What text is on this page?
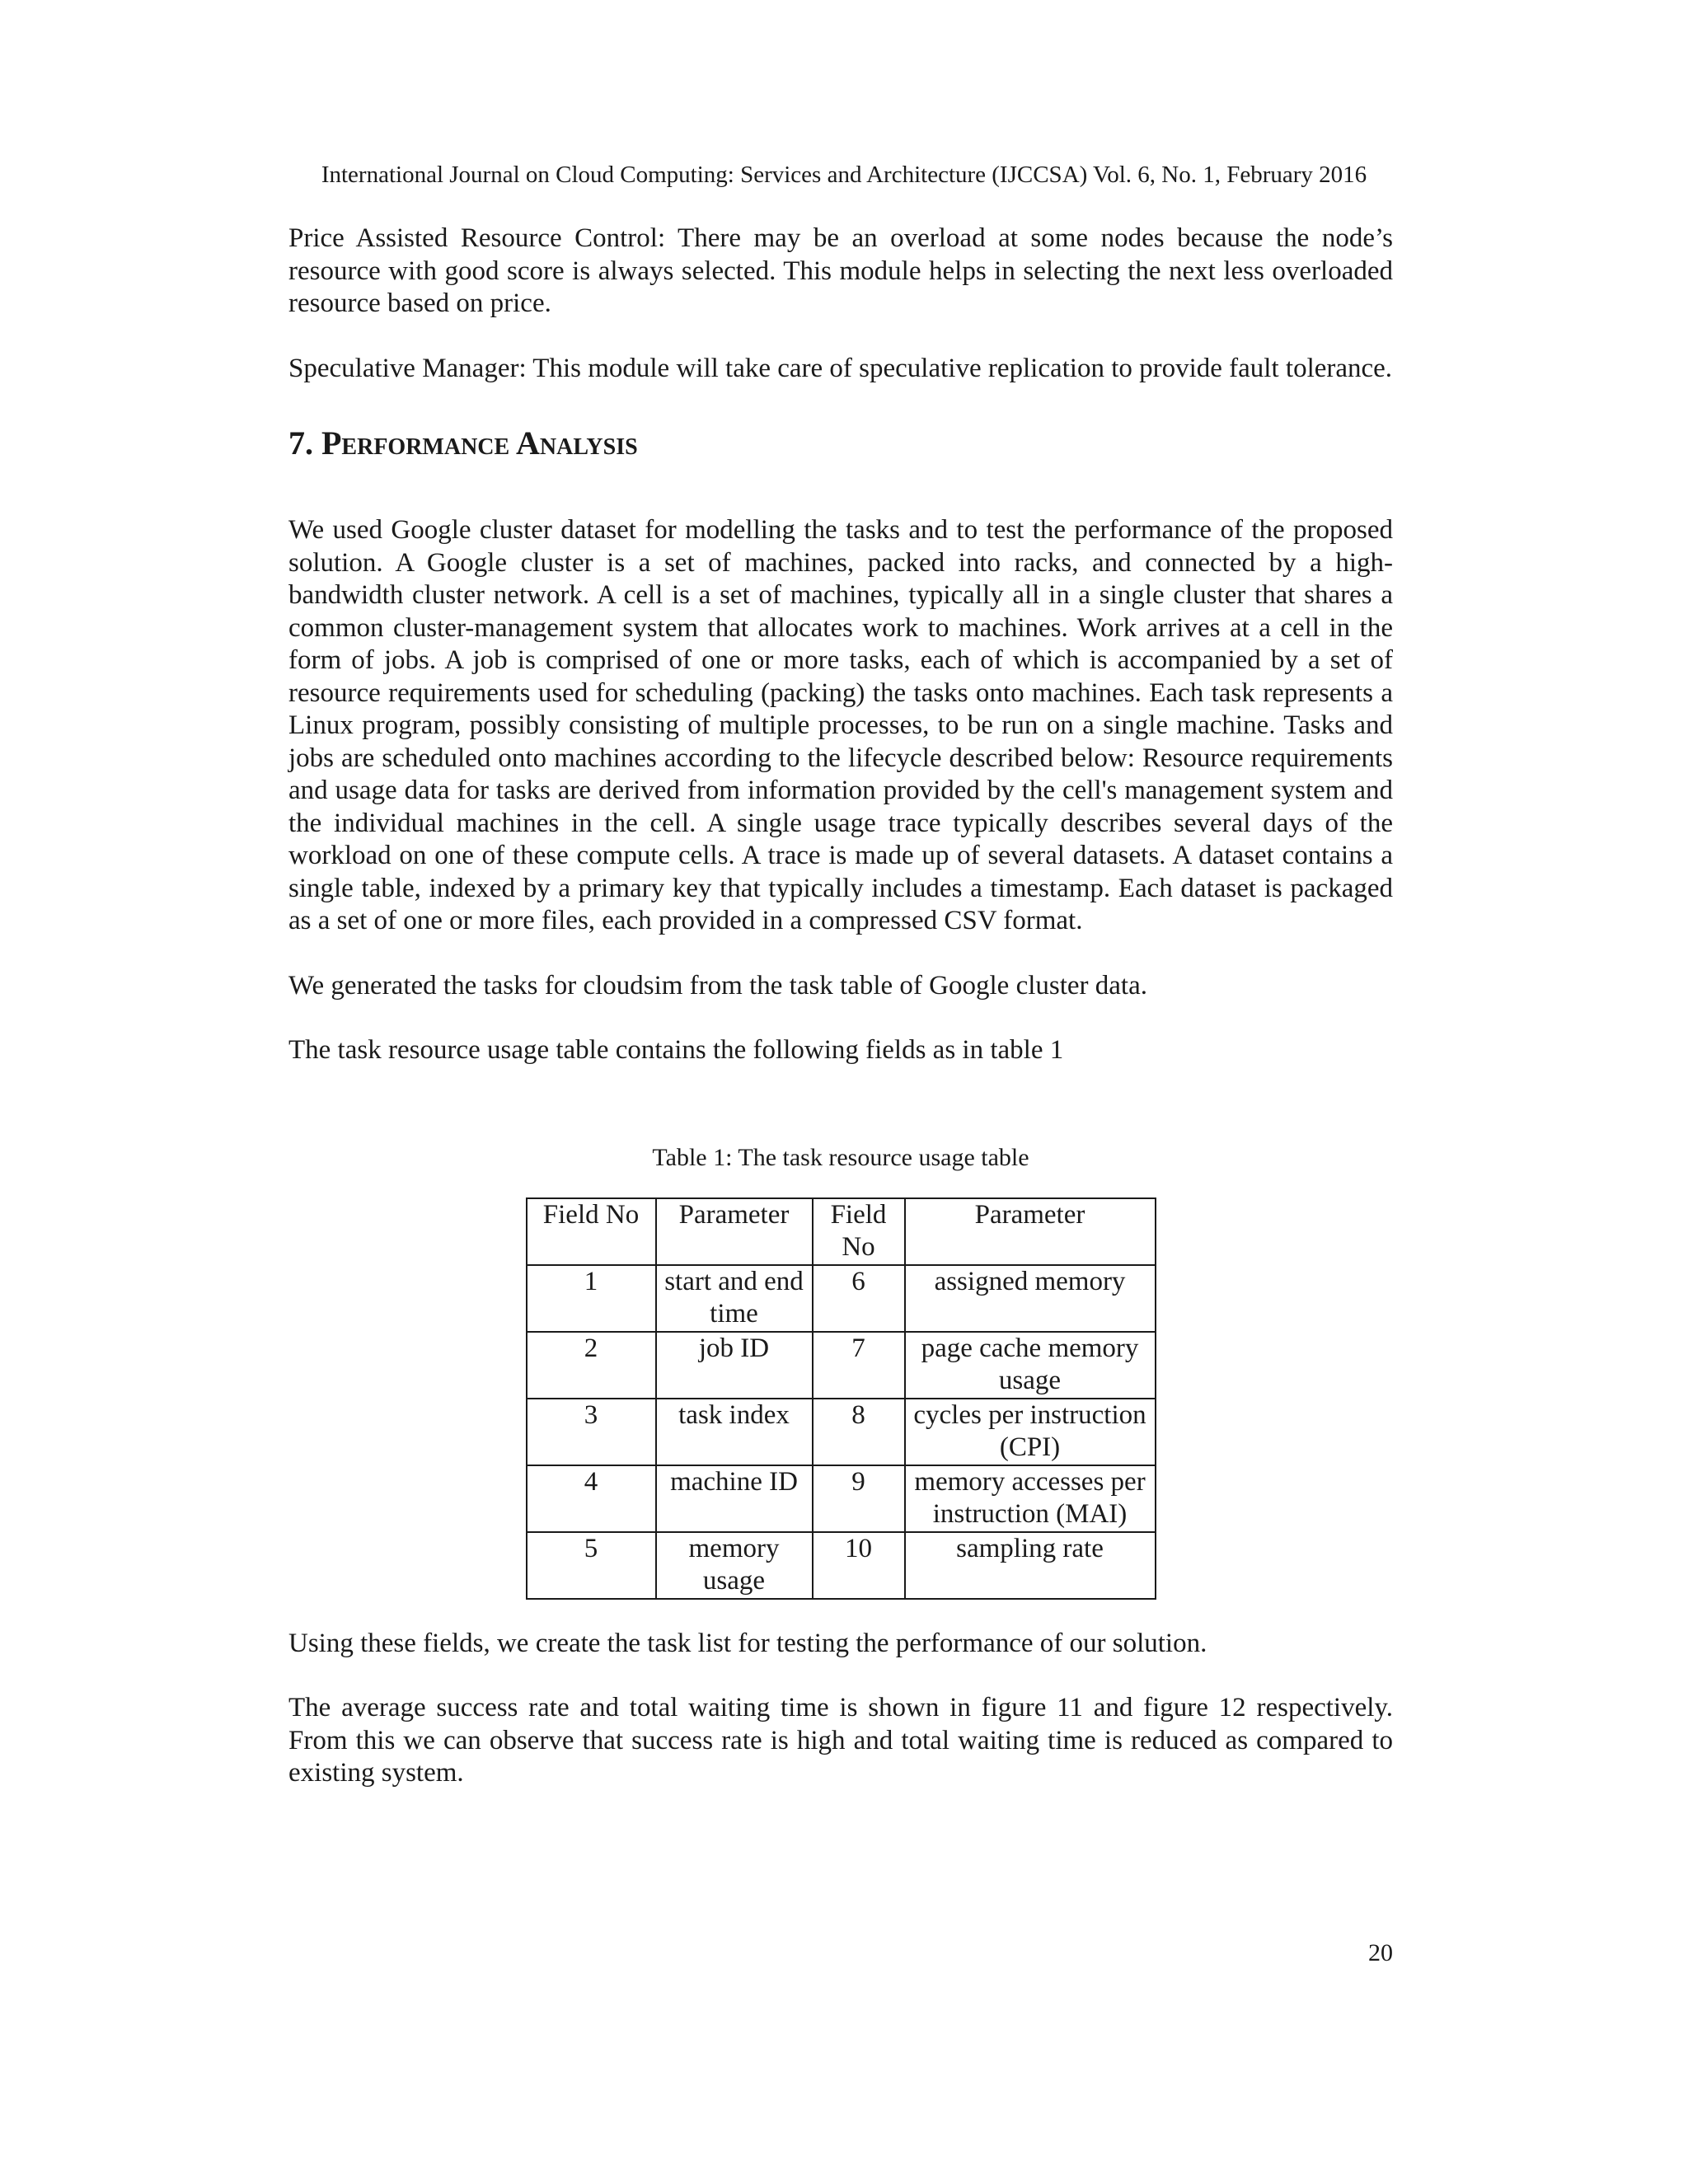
International Journal on Cloud Computing: Services and Architecture (IJCCSA) Vol. 6, No. 1, February 2016

Price Assisted Resource Control: There may be an overload at some nodes because the node’s resource with good score is always selected. This module helps in selecting the next less overloaded resource based on price.

Speculative Manager: This module will take care of speculative replication to provide fault tolerance.

7. Performance Analysis

We used Google cluster dataset for modelling the tasks and to test the performance of the proposed solution. A Google cluster is a set of machines, packed into racks, and connected by a high-bandwidth cluster network. A cell is a set of machines, typically all in a single cluster that shares a common cluster-management system that allocates work to machines. Work arrives at a cell in the form of jobs. A job is comprised of one or more tasks, each of which is accompanied by a set of resource requirements used for scheduling (packing) the tasks onto machines. Each task represents a Linux program, possibly consisting of multiple processes, to be run on a single machine. Tasks and jobs are scheduled onto machines according to the lifecycle described below: Resource requirements and usage data for tasks are derived from information provided by the cell's management system and the individual machines in the cell. A single usage trace typically describes several days of the workload on one of these compute cells. A trace is made up of several datasets. A dataset contains a single table, indexed by a primary key that typically includes a timestamp. Each dataset is packaged as a set of one or more files, each provided in a compressed CSV format.

We generated the tasks for cloudsim from the task table of Google cluster data.

The task resource usage table contains the following fields as in table 1

Table 1: The task resource usage table
Field No	Parameter	Field No	Parameter
1	start and end time	6	assigned memory
2	job ID	7	page cache memory usage
3	task index	8	cycles per instruction (CPI)
4	machine ID	9	memory accesses per instruction (MAI)
5	memory usage	10	sampling rate

Using these fields, we create the task list for testing the performance of our solution.

The average success rate and total waiting time is shown in figure 11 and figure 12 respectively. From this we can observe that success rate is high and total waiting time is reduced as compared to existing system.

20
